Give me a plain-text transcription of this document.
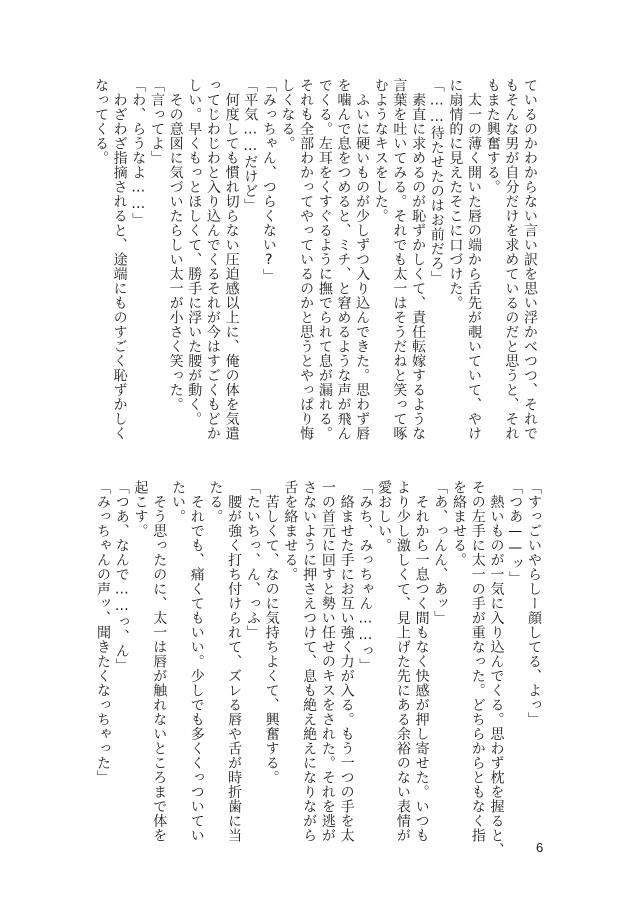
ているのかわからない言い訳を思い浮かべつつ、それで
もそんな男が自分だけを求めているのだと思うと、それ
もまた興奮する。
　太一の薄く開いた唇の端から舌先が覗いていて、やけ
に扇情的に見えたそこに口づけた。
「……待たせたのはお前だろ」
　素直に求めるのが恥ずかしくて、責任転嫁するような
言葉を吐いてみる。それでも太一はそうだねと笑って啄
むようなキスをした。
　ふいに硬いものが少しずつ入り込んできた。思わず唇
を噛んで息をつめると、ミチ、と窘めるような声が飛ん
でくる。左耳をくすぐるように撫でられて息が漏れる。
それも全部わかってやっているのかと思うとやっぱり悔
しくなる。
「みっちゃん、つらくない?」
「平気……だけど」
　何度しても慣れ切らない圧迫感以上に、俺の体を気遣
ってじわじわと入り込んでくるそれが今はすごくもどか
しい。早くもっとほしくて、勝手に浮いた腰が動く。
　その意図に気づいたらしい太一が小さく笑った。
「言ってよ」
「わ、らうなよ……」
　わざわざ指摘されると、途端にものすごく恥ずかしく
なってくる。
「すっごいやらしー顔してる、よっ」
「つあ——ッ」
　熱いものが一気に入り込んでくる。思わず枕を握ると、
その左手に太一の手が重なった。どちらからともなく指
を絡ませる。
「あ、っんん、あッ」
　それから一息つく間もなく快感が押し寄せた。いつも
より少し激しくて、見上げた先にある余裕のない表情が
愛おしい。
「みち、みっちゃん……っ」
　絡ませた手にお互い強く力が入る。もう一つの手を太
一の首元に回すと勢い任せのキスをされた。それを逃が
さないように押さえつけて、息も絶え絶えになりながら
舌を絡ませる。
　苦しくて、なのに気持ちよくて、興奮する。
「たいちっ、ん、っふ」
　腰が強く打ち付けられて、ズレる唇や舌が時折歯に当
たる。
　それでも、痛くてもいい。少しでも多くくっついてい
たい。
　そう思ったのに、太一は唇が触れないところまで体を
起こす。
「つあ、なんで……っ、ん」
「みっちゃんの声ッ、聞きたくなっちゃった」
6
